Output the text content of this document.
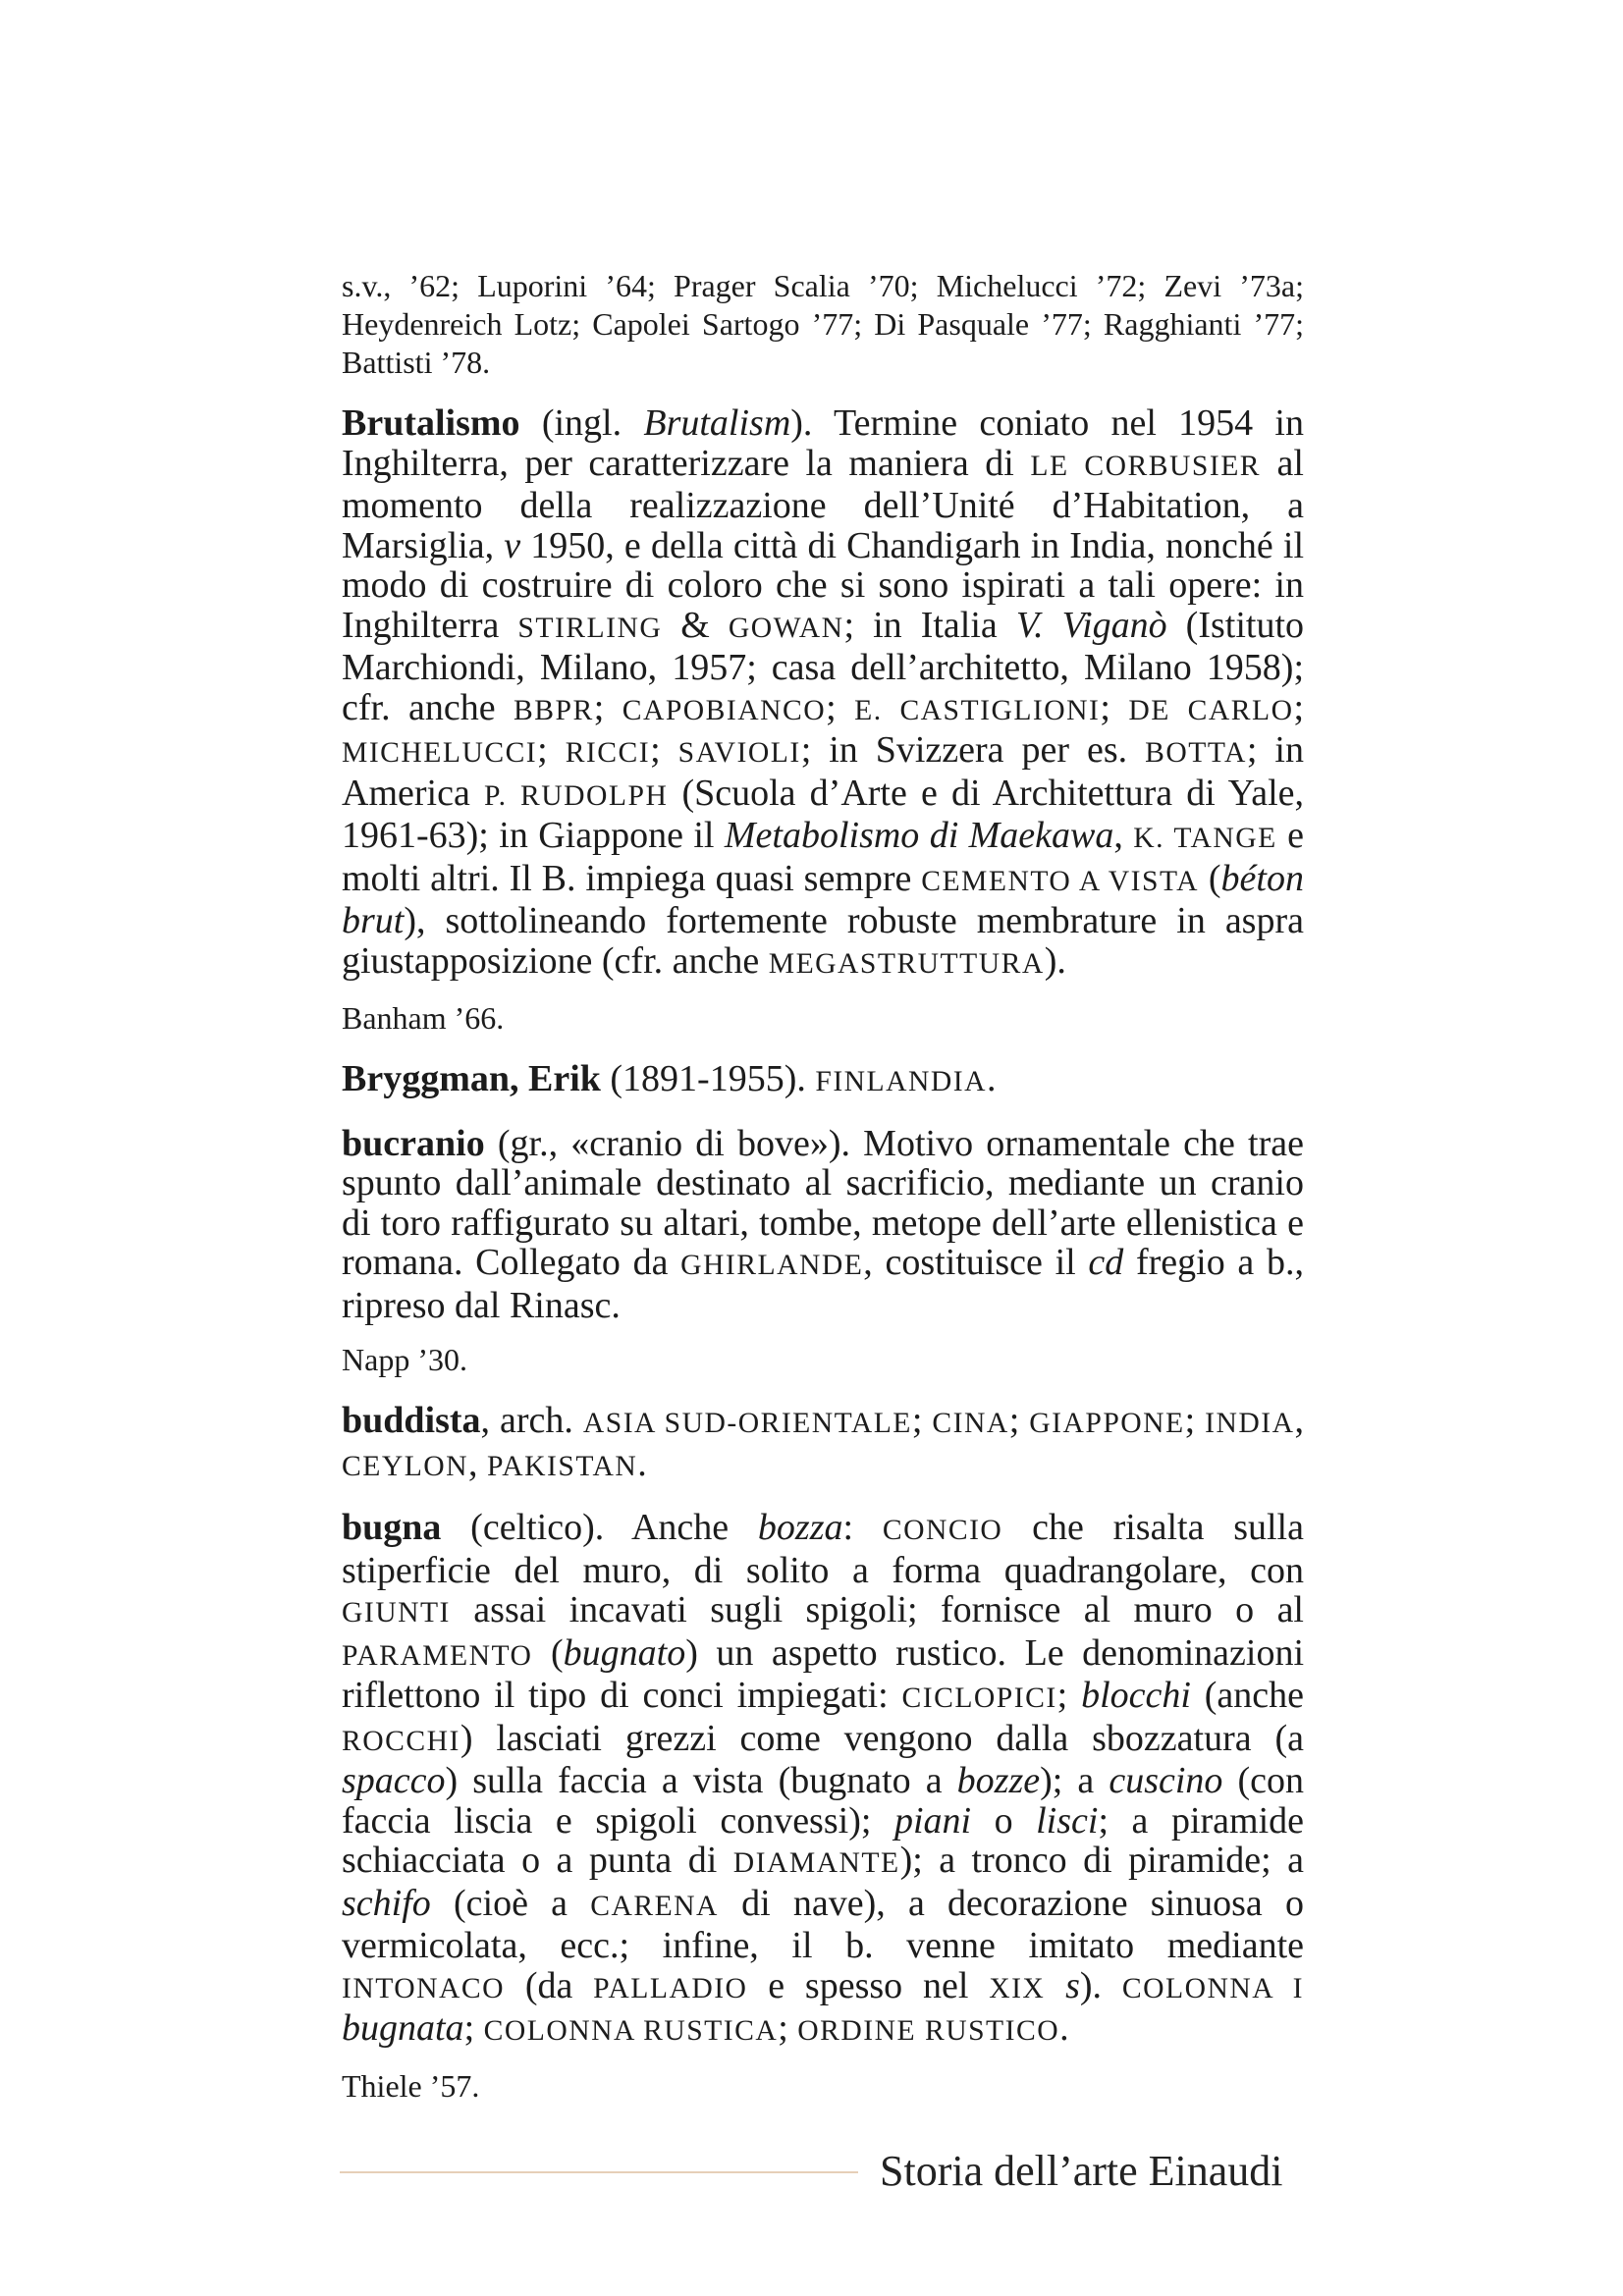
s.v., ’62; Luporini ’64; Prager Scalia ’70; Michelucci ’72; Zevi ’73a; Heydenreich Lotz; Capolei Sartogo ’77; Di Pasquale ’77; Ragghianti ’77; Battisti ’78.

Brutalismo (ingl. Brutalism). Termine coniato nel 1954 in Inghilterra, per caratterizzare la maniera di LE CORBUSIER al momento della realizzazione dell’Unité d’Habitation, a Marsiglia, v 1950, e della città di Chandigarh in India, nonché il modo di costruire di coloro che si sono ispirati a tali opere: in Inghilterra STIRLING & GOWAN; in Italia V. Viganò (Istituto Marchiondi, Milano, 1957; casa dell’architetto, Milano 1958); cfr. anche BBPR; CAPOBIANCO; E. CASTIGLIONI; DE CARLO; MICHELUCCI; RICCI; SAVIOLI; in Svizzera per es. BOTTA; in America P. RUDOLPH (Scuola d’Arte e di Architettura di Yale, 1961-63); in Giappone il Metabolismo di Maekawa, K. TANGE e molti altri. Il B. impiega quasi sempre CEMENTO A VISTA (béton brut), sottolineando fortemente robuste membrature in aspra giustapposizione (cfr. anche MEGASTRUTTURA).

Banham ’66.

Bryggman, Erik (1891-1955). FINLANDIA.

bucranio (gr., «cranio di bove»). Motivo ornamentale che trae spunto dall’animale destinato al sacrificio, mediante un cranio di toro raffigurato su altari, tombe, metope dell’arte ellenistica e romana. Collegato da GHIRLANDE, costituisce il cd fregio a b., ripreso dal Rinasc.

Napp ’30.

buddista, arch. ASIA SUD-ORIENTALE; CINA; GIAPPONE; INDIA, CEYLON, PAKISTAN.

bugna (celtico). Anche bozza: CONCIO che risalta sulla stiperficie del muro, di solito a forma quadrangolare, con GIUNTI assai incavati sugli spigoli; fornisce al muro o al PARAMENTO (bugnato) un aspetto rustico. Le denominazioni riflettono il tipo di conci impiegati: CICLOPICI; blocchi (anche ROCCHI) lasciati grezzi come vengono dalla sbozzatura (a spacco) sulla faccia a vista (bugnato a bozze); a cuscino (con faccia liscia e spigoli convessi); piani o lisci; a piramide schiacciata o a punta di DIAMANTE); a tronco di piramide; a schifo (cioè a CARENA di nave), a decorazione sinuosa o vermicolata, ecc.; infine, il b. venne imitato mediante INTONACO (da PALLADIO e spesso nel XIX s). COLONNA I bugnata; COLONNA RUSTICA; ORDINE RUSTICO.

Thiele ’57.

Storia dell’arte Einaudi
